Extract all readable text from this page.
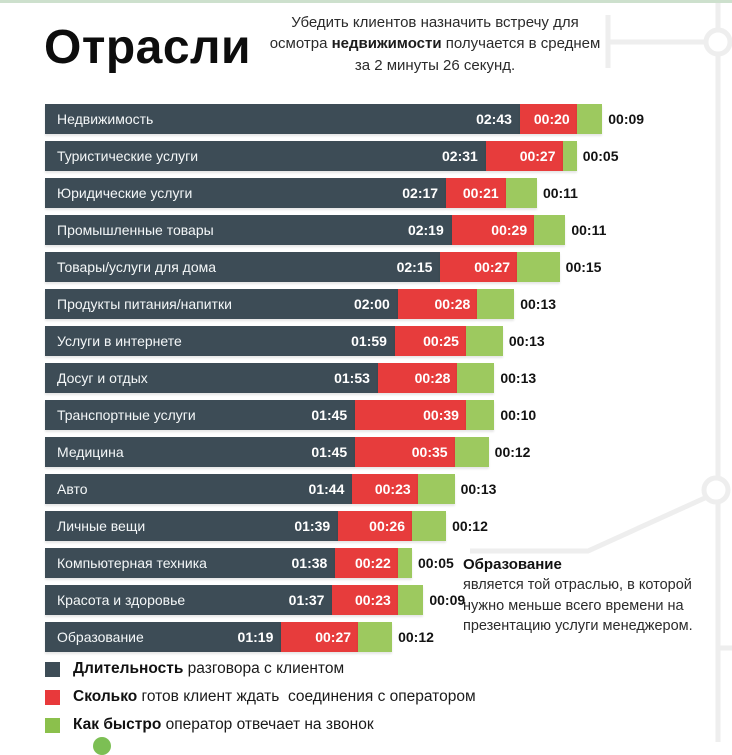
Отрасли	Убедить клиентов назначить встречу для осмотра недвижимости получается в среднем за 2 минуты 26 секунд.

Недвижимость	02:43	00:20	00:09
Туристические услуги	02:31	00:27	00:05
Юридические услуги	02:17	00:21	00:11
Промышленные товары	02:19	00:29	00:11
Товары/услуги для дома	02:15	00:27	00:15
Продукты питания/напитки	02:00	00:28	00:13
Услуги в интернете	01:59	00:25	00:13
Досуг и отдых	01:53	00:28	00:13
Транспортные услуги	01:45	00:39	00:10
Медицина	01:45	00:35	00:12
Авто	01:44	00:23	00:13
Личные вещи	01:39	00:26	00:12
Компьютерная техника	01:38	00:22	00:05
Красота и здоровье	01:37	00:23	00:09
Образование	01:19	00:27	00:12
Образование
является той отраслью, в которой нужно меньше всего времени на презентацию услуги менеджером.
Длительность разговора с клиентом
Сколько готов клиент ждать  соединения с оператором
Как быстро оператор отвечает на звонок
